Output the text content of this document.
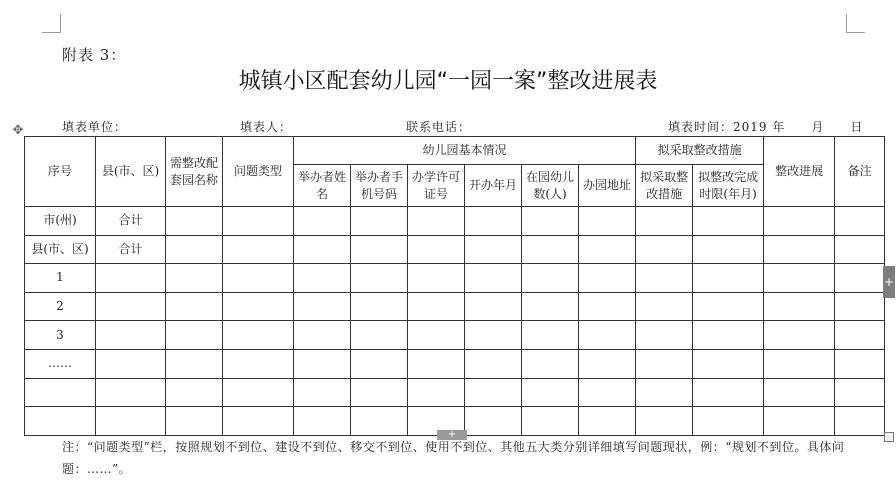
附表 3：
城镇小区配套幼儿园“一园一案”整改进展表
✥	填表单位：	填表人：	联系电话：	填表时间：2019 年　　月　　日
序号	县(市、区)	需整改配套园名称	问题类型	幼儿园基本情况						拟采取整改措施		整改进展	备注
				举办者姓名	举办者手机号码	办学许可证号	开办年月	在园幼儿数(人)	办园地址	拟采取整改措施	拟整改完成时限(年月)		
市(州)	合计												
县(市、区)	合计												
1													
2													
3													
……													

+
+
注：“问题类型”栏，按照规划不到位、建设不到位、移交不到位、使用不到位、其他五大类分别详细填写问题现状，例：“规划不到位。具体问题：……”。
